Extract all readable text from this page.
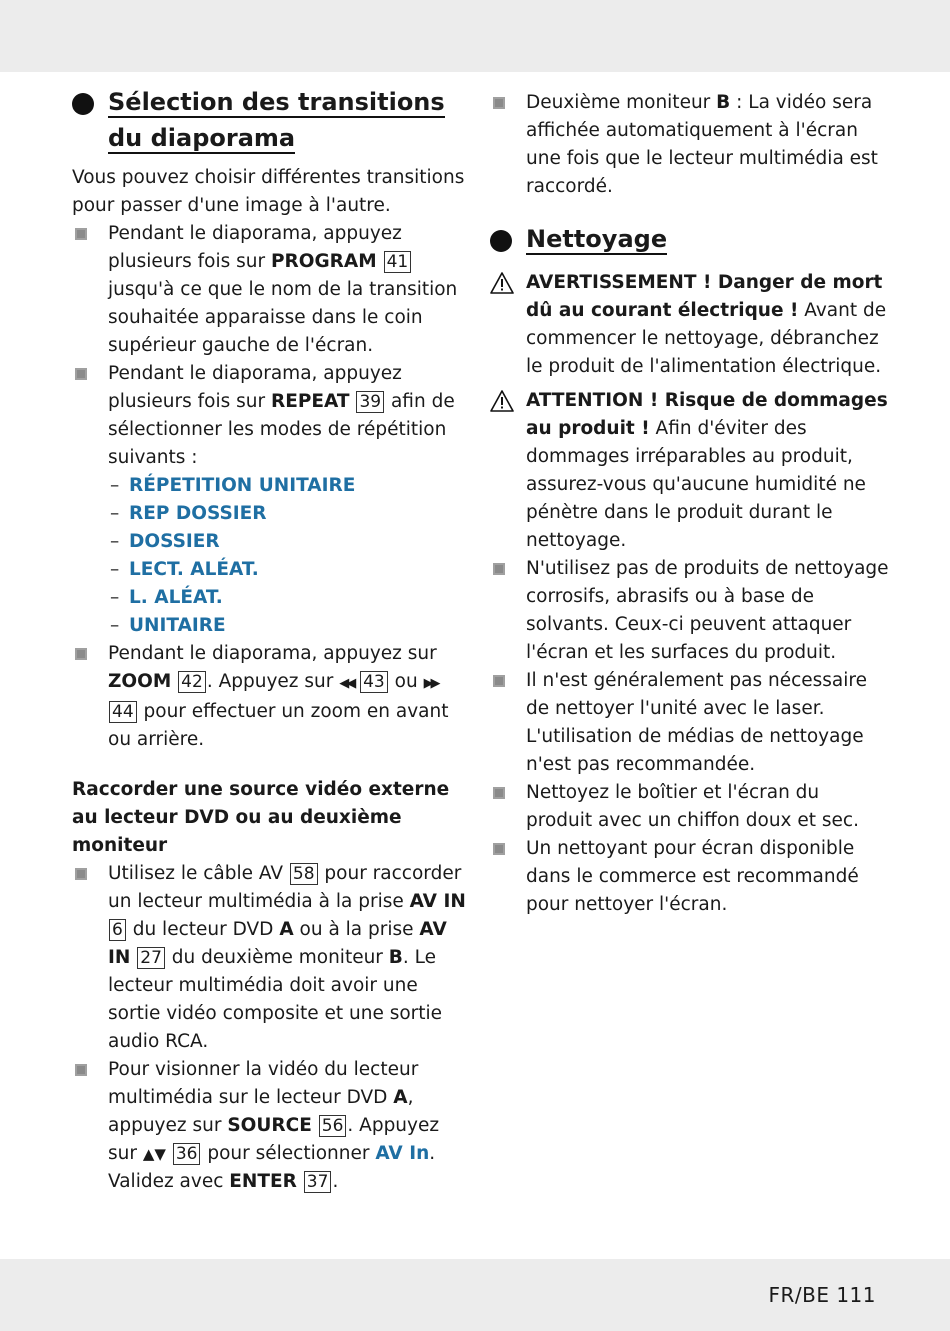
Sélection des transitions du diaporama

Vous pouvez choisir différentes transitions pour passer d'une image à l'autre.

Pendant le diaporama, appuyez plusieurs fois sur PROGRAM 41 jusqu'à ce que le nom de la transition souhaitée apparaisse dans le coin supérieur gauche de l'écran.
Pendant le diaporama, appuyez plusieurs fois sur REPEAT 39 afin de sélectionner les modes de répétition suivants :
– RÉPETITION UNITAIRE
– REP DOSSIER
– DOSSIER
– LECT. ALÉAT.
– L. ALÉAT.
– UNITAIRE
Pendant le diaporama, appuyez sur ZOOM 42 . Appuyez sur ◀◀ 43 ou ▶▶ 44 pour effectuer un zoom en avant ou arrière.

Raccorder une source vidéo externe au lecteur DVD ou au deuxième moniteur

Utilisez le câble AV 58 pour raccorder un lecteur multimédia à la prise AV IN 6 du lecteur DVD A ou à la prise AV IN 27 du deuxième moniteur B. Le lecteur multimédia doit avoir une sortie vidéo composite et une sortie audio RCA.
Pour visionner la vidéo du lecteur multimédia sur le lecteur DVD A, appuyez sur SOURCE 56 . Appuyez sur ▲▼ 36 pour sélectionner AV In. Validez avec ENTER 37 .
Deuxième moniteur B : La vidéo sera affichée automatiquement à l'écran une fois que le lecteur multimédia est raccordé.
Nettoyage
AVERTISSEMENT ! Danger de mort dû au courant électrique ! Avant de commencer le nettoyage, débranchez le produit de l'alimentation électrique.
ATTENTION ! Risque de dommages au produit ! Afin d'éviter des dommages irréparables au produit, assurez-vous qu'aucune humidité ne pénètre dans le produit durant le nettoyage.
N'utilisez pas de produits de nettoyage corrosifs, abrasifs ou à base de solvants. Ceux-ci peuvent attaquer l'écran et les surfaces du produit.
Il n'est généralement pas nécessaire de nettoyer l'unité avec le laser. L'utilisation de médias de nettoyage n'est pas recommandée.
Nettoyez le boîtier et l'écran du produit avec un chiffon doux et sec.
Un nettoyant pour écran disponible dans le commerce est recommandé pour nettoyer l'écran.
FR/BE 111
